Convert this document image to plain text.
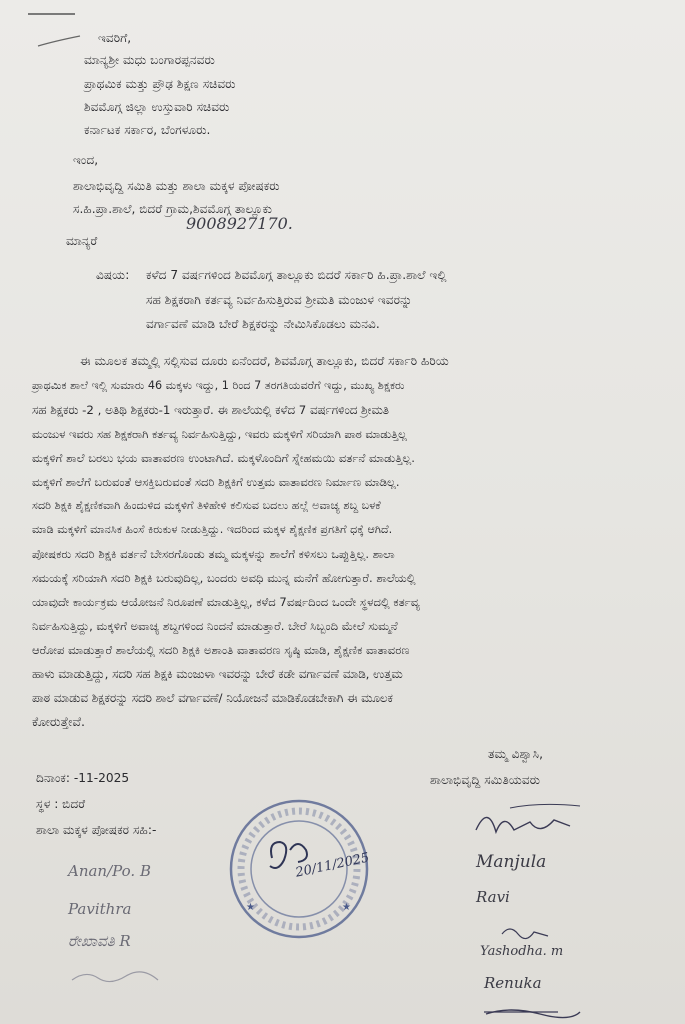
ಇವರಿಗೆ,
ಮಾನ್ಯಶ್ರೀ ಮಧು ಬಂಗಾರಪ್ಪನವರು
ಪ್ರಾಥಮಿಕ ಮತ್ತು ಪ್ರೌಢ ಶಿಕ್ಷಣ ಸಚಿವರು
ಶಿವಮೊಗ್ಗ ಜಿಲ್ಲಾ ಉಸ್ತುವಾರಿ ಸಚಿವರು
ಕರ್ನಾಟಕ ಸರ್ಕಾರ, ಬೆಂಗಳೂರು.
ಇಂದ,
ಶಾಲಾಭಿವೃದ್ದಿ ಸಮಿತಿ ಮತ್ತು ಶಾಲಾ ಮಕ್ಕಳ ಪೋಷಕರು
ಸ.ಹಿ.ಪ್ರಾ.ಶಾಲೆ, ಬಿದರೆ ಗ್ರಾಮ,ಶಿವಮೊಗ್ಗ ತಾಲ್ಲೂಕು
9008927170.
ಮಾನ್ಯರೆ
ವಿಷಯ: ಕಳೆದ 7 ವರ್ಷಗಳಿಂದ ಶಿವಮೊಗ್ಗ ತಾಲ್ಲೂಕು ಬಿದರೆ ಸರ್ಕಾರಿ ಹಿ.ಪ್ರಾ.ಶಾಲೆ ಇಲ್ಲಿ
ಸಹ ಶಿಕ್ಷಕರಾಗಿ ಕರ್ತವ್ಯ ನಿರ್ವಹಿಸುತ್ತಿರುವ ಶ್ರೀಮತಿ ಮಂಜುಳ ಇವರನ್ನು
ವರ್ಗಾವಣೆ ಮಾಡಿ ಬೇರೆ ಶಿಕ್ಷಕರನ್ನು ನೇಮಿಸಿಕೊಡಲು ಮನವಿ.
ಈ ಮೂಲಕ ತಮ್ಮಲ್ಲಿ ಸಲ್ಲಿಸುವ ದೂರು ಏನೆಂದರೆ, ಶಿವಮೊಗ್ಗ ತಾಲ್ಲೂಕು, ಬಿದರೆ ಸರ್ಕಾರಿ ಹಿರಿಯ
ಪ್ರಾಥಮಿಕ ಶಾಲೆ ಇಲ್ಲಿ ಸುಮಾರು 46 ಮಕ್ಕಳು ಇದ್ದು, 1 ರಿಂದ 7 ತರಗತಿಯವರೆಗೆ ಇದ್ದು, ಮುಖ್ಯ ಶಿಕ್ಷಕರು
ಸಹ ಶಿಕ್ಷಕರು -2 , ಅತಿಥಿ ಶಿಕ್ಷಕರು-1 ಇರುತ್ತಾರೆ. ಈ ಶಾಲೆಯಲ್ಲಿ ಕಳೆದ 7 ವರ್ಷಗಳಿಂದ ಶ್ರೀಮತಿ
ಮಂಜುಳ ಇವರು ಸಹ ಶಿಕ್ಷಕರಾಗಿ ಕರ್ತವ್ಯ ನಿರ್ವಹಿಸುತ್ತಿದ್ದು, ಇವರು ಮಕ್ಕಳಿಗೆ ಸರಿಯಾಗಿ ಪಾಠ ಮಾಡುತ್ತಿಲ್ಲ
ಮಕ್ಕಳಿಗೆ ಶಾಲೆ ಬರಲು ಭಯ ವಾತಾವರಣ ಉಂಟಾಗಿದೆ. ಮಕ್ಕಳೊಂದಿಗೆ ಸ್ನೇಹಮಯಿ ವರ್ತನೆ ಮಾಡುತ್ತಿಲ್ಲ.
ಮಕ್ಕಳಿಗೆ ಶಾಲೆಗೆ ಬರುವಂತೆ ಆಸಕ್ತಿಬರುವಂತೆ ಸದರಿ ಶಿಕ್ಷಕಿಗೆ ಉತ್ತಮ ವಾತಾವರಣ ನಿರ್ಮಾಣ ಮಾಡಿಲ್ಲ.
ಸದರಿ ಶಿಕ್ಷಕಿ ಶೈಕ್ಷಣಿಕವಾಗಿ ಹಿಂದುಳಿದ ಮಕ್ಕಳಿಗೆ ತಿಳಿಹೇಳಿ ಕಲಿಸುವ ಬದಲು ಹಲ್ಲೆ ಅವಾಚ್ಯ ಶಬ್ದ ಬಳಕೆ
ಮಾಡಿ ಮಕ್ಕಳಿಗೆ ಮಾನಸಿಕ ಹಿಂಸೆ ಕಿರುಕುಳ ನೀಡುತ್ತಿದ್ದು. ಇದರಿಂದ ಮಕ್ಕಳ ಶೈಕ್ಷಣಿಕ ಪ್ರಗತಿಗೆ ಧಕ್ಕೆ ಆಗಿದೆ.
ಪೋಷಕರು ಸದರಿ ಶಿಕ್ಷಕಿ ವರ್ತನೆ ಬೇಸರಗೊಂಡು ತಮ್ಮ ಮಕ್ಕಳನ್ನು ಶಾಲೆಗೆ ಕಳಿಸಲು ಒಪ್ಪುತ್ತಿಲ್ಲ. ಶಾಲಾ
ಸಮಯಕ್ಕೆ ಸರಿಯಾಗಿ ಸದರಿ ಶಿಕ್ಷಕಿ ಬರುವುದಿಲ್ಲ, ಬಂದರು ಅವಧಿ ಮುನ್ನ ಮನೆಗೆ ಹೋಗುತ್ತಾರೆ. ಶಾಲೆಯಲ್ಲಿ
ಯಾವುದೇ ಕಾರ್ಯಕ್ರಮ ಆಯೋಜನೆ ನಿರೂಪಣೆ ಮಾಡುತ್ತಿಲ್ಲ, ಕಳೆದ 7ವರ್ಷದಿಂದ ಒಂದೇ ಸ್ಥಳದಲ್ಲಿ ಕರ್ತವ್ಯ
ನಿರ್ವಹಿಸುತ್ತಿದ್ದು, ಮಕ್ಕಳಿಗೆ ಅವಾಚ್ಯ ಶಬ್ದಗಳಿಂದ ನಿಂದನೆ ಮಾಡುತ್ತಾರೆ. ಬೇರೆ ಸಿಬ್ಬಂದಿ ಮೇಲೆ ಸುಮ್ಮನೆ
ಆರೋಪ ಮಾಡುತ್ತಾರೆ ಶಾಲೆಯಲ್ಲಿ ಸದರಿ ಶಿಕ್ಷಕಿ ಅಶಾಂತಿ ವಾತಾವರಣ ಸೃಷ್ಠಿ ಮಾಡಿ, ಶೈಕ್ಷಣಿಕ ವಾತಾವರಣ
ಹಾಳು ಮಾಡುತ್ತಿದ್ದು, ಸದರಿ ಸಹ ಶಿಕ್ಷಕಿ ಮಂಜುಳಾ ಇವರನ್ನು ಬೇರೆ ಕಡೇ ವರ್ಗಾವಣೆ ಮಾಡಿ, ಉತ್ತಮ
ಪಾಠ ಮಾಡುವ ಶಿಕ್ಷಕರನ್ನು ಸದರಿ ಶಾಲೆ ವರ್ಗಾವಣೆ/ ನಿಯೋಜನೆ ಮಾಡಿಕೊಡಬೇಕಾಗಿ ಈ ಮೂಲಕ
ಕೋರುತ್ತೇವೆ.
ತಮ್ಮ ವಿಶ್ವಾಸಿ,
ಶಾಲಾಭಿವೃದ್ದಿ ಸಮಿತಿಯವರು
ದಿನಾಂಕ: -11-2025
ಸ್ಥಳ : ಬಿದರೆ
ಶಾಲಾ ಮಕ್ಕಳ ಪೋಷಕರ ಸಹಿ:-
Anan/Po. B
Pavithra
ರೇಖಾವತಿ R
Manjula
Ravi
Yashodha. m
Renuka
★	★
20/11/2025
